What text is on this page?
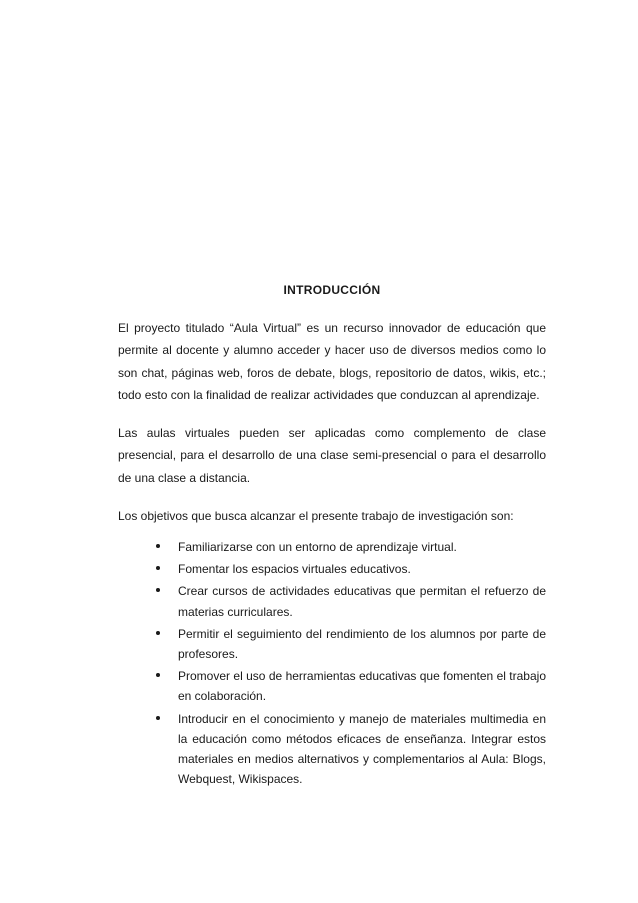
INTRODUCCIÓN

El proyecto titulado “Aula Virtual” es un recurso innovador de educación que permite al docente y alumno acceder y hacer uso de diversos medios como lo son chat, páginas web, foros de debate, blogs, repositorio de datos, wikis, etc.; todo esto con la finalidad de realizar actividades que conduzcan al aprendizaje.

Las aulas virtuales pueden ser aplicadas como complemento de clase presencial, para el desarrollo de una clase semi-presencial o para el desarrollo de una clase a distancia.

Los objetivos que busca alcanzar el presente trabajo de investigación son:

Familiarizarse con un entorno de aprendizaje virtual.
Fomentar los espacios virtuales educativos.
Crear cursos de actividades educativas que permitan el refuerzo de materias curriculares.
Permitir el seguimiento del rendimiento de los alumnos por parte de profesores.
Promover el uso de herramientas educativas que fomenten el trabajo en colaboración.
Introducir en el conocimiento y manejo de materiales multimedia en la educación como métodos eficaces de enseñanza. Integrar estos materiales en medios alternativos y complementarios al Aula: Blogs, Webquest, Wikispaces.
